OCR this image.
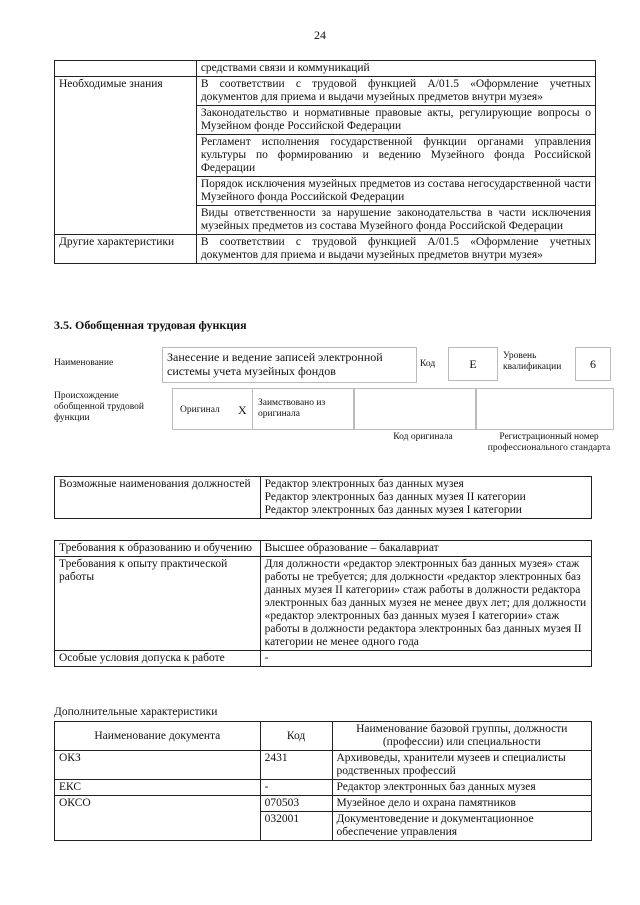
24
	средствами связи и коммуникаций
Необходимые знания	В соответствии с трудовой функцией А/01.5 «Оформление учетных документов для приема и выдачи музейных предметов внутри музея»
	Законодательство и нормативные правовые акты, регулирующие вопросы о Музейном фонде Российской Федерации
	Регламент исполнения государственной функции органами управления культуры по формированию и ведению Музейного фонда Российской Федерации
	Порядок исключения музейных предметов из состава негосударственной части Музейного фонда Российской Федерации
	Виды ответственности за нарушение законодательства в части исключения музейных предметов из состава Музейного фонда Российской Федерации
Другие характеристики	В соответствии с трудовой функцией А/01.5 «Оформление учетных документов для приема и выдачи музейных предметов внутри музея»
3.5. Обобщенная трудовая функция
Наименование	Занесение и ведение записей электронной системы учета музейных фондов	Код	Е
Уровень квалификации	6
Происхождение обобщенной трудовой функции
Оригинал X Заимствовано из оригинала
Код оригинала	Регистрационный номер профессионального стандарта
Возможные наименования должностей	Редактор электронных баз данных музея
Редактор электронных баз данных музея II категории
Редактор электронных баз данных музея I категории
Требования к образованию и обучению	Высшее образование – бакалавриат
Требования к опыту практической работы	Для должности «редактор электронных баз данных музея» стаж работы не требуется; для должности «редактор электронных баз данных музея II категории» стаж работы в должности редактора электронных баз данных музея не менее двух лет; для должности «редактор электронных баз данных музея I категории» стаж работы в должности редактора электронных баз данных музея II категории не менее одного года
Особые условия допуска к работе	-
Дополнительные характеристики
Наименование документа	Код	Наименование базовой группы, должности (профессии) или специальности
ОКЗ	2431	Архивоведы, хранители музеев и специалисты родственных профессий
ЕКС	-	Редактор электронных баз данных музея
ОКСО	070503	Музейное дело и охрана памятников
	032001	Документоведение и документационное обеспечение управления
